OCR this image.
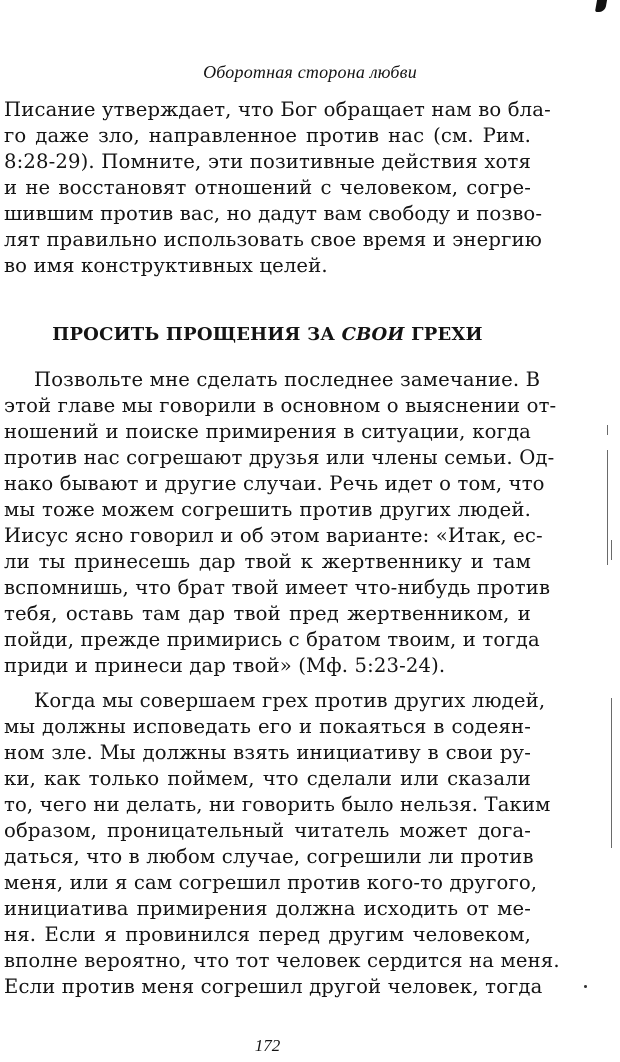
Оборотная сторона любви
Писание утверждает, что Бог обращает нам во бла-
го даже зло, направленное против нас (см. Рим.
8:28-29). Помните, эти позитивные действия хотя
и не восстановят отношений с человеком, согре-
шившим против вас, но дадут вам свободу и позво-
лят правильно использовать свое время и энергию
во имя конструктивных целей.
ПРОСИТЬ ПРОЩЕНИЯ ЗА СВОИ ГРЕХИ
Позвольте мне сделать последнее замечание. В
этой главе мы говорили в основном о выяснении от-
ношений и поиске примирения в ситуации, когда
против нас согрешают друзья или члены семьи. Од-
нако бывают и другие случаи. Речь идет о том, что
мы тоже можем согрешить против других людей.
Иисус ясно говорил и об этом варианте: «Итак, ес-
ли ты принесешь дар твой к жертвеннику и там
вспомнишь, что брат твой имеет что-нибудь против
тебя, оставь там дар твой пред жертвенником, и
пойди, прежде примирись с братом твоим, и тогда
приди и принеси дар твой» (Мф. 5:23-24).
Когда мы совершаем грех против других людей,
мы должны исповедать его и покаяться в содеян-
ном зле. Мы должны взять инициативу в свои ру-
ки, как только поймем, что сделали или сказали
то, чего ни делать, ни говорить было нельзя. Таким
образом, проницательный читатель может дога-
даться, что в любом случае, согрешили ли против
меня, или я сам согрешил против кого-то другого,
инициатива примирения должна исходить от ме-
ня. Если я провинился перед другим человеком,
вполне вероятно, что тот человек сердится на меня.
Если против меня согрешил другой человек, тогда
172
